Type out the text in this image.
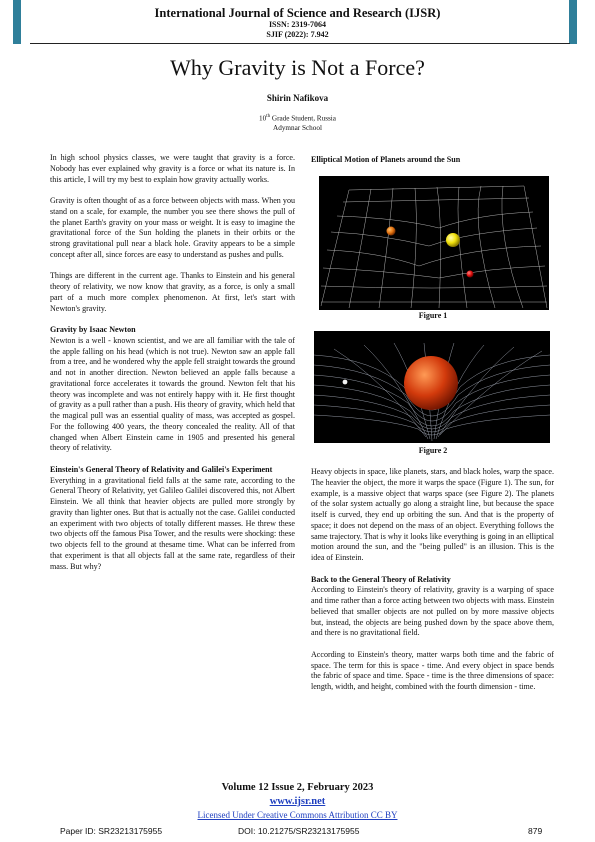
International Journal of Science and Research (IJSR)
ISSN: 2319-7064
SJIF (2022): 7.942
Why Gravity is Not a Force?
Shirin Nafikova
10th Grade Student, Russia
Adymnar School

In high school physics classes, we were taught that gravity is a force. Nobody has ever explained why gravity is a force or what its nature is. In this article, I will try my best to explain how gravity actually works.

Gravity is often thought of as a force between objects with mass. When you stand on a scale, for example, the number you see there shows the pull of the planet Earth's gravity on your mass or weight. It is easy to imagine the gravitational force of the Sun holding the planets in their orbits or the strong gravitational pull near a black hole. Gravity appears to be a simple concept after all, since forces are easy to understand as pushes and pulls.

Things are different in the current age. Thanks to Einstein and his general theory of relativity, we now know that gravity, as a force, is only a small part of a much more complex phenomenon. At first, let's start with Newton's gravity.

Gravity by Isaac Newton

Newton is a well - known scientist, and we are all familiar with the tale of the apple falling on his head (which is not true). Newton saw an apple fall from a tree, and he wondered why the apple fell straight towards the ground and not in another direction. Newton believed an apple falls because a gravitational force accelerates it towards the ground. Newton felt that his theory was incomplete and was not entirely happy with it. He first thought of gravity as a pull rather than a push. His theory of gravity, which held that the magical pull was an essential quality of mass, was accepted as gospel. For the following 400 years, the theory concealed the reality. All of that changed when Albert Einstein came in 1905 and presented his general theory of relativity.

Einstein's General Theory of Relativity and Galilei's Experiment

Everything in a gravitational field falls at the same rate, according to the General Theory of Relativity, yet Galileo Galilei discovered this, not Albert Einstein. We all think that heavier objects are pulled more strongly by gravity than lighter ones. But that is actually not the case. Galilei conducted an experiment with two objects of totally different masses. He threw these two objects off the famous Pisa Tower, and the results were shocking: these two objects fell to the ground at thesame time. What can be inferred from that experiment is that all objects fall at the same rate, regardless of their mass. But why?

Elliptical Motion of Planets around the Sun
Figure 1
Figure 2

Heavy objects in space, like planets, stars, and black holes, warp the space. The heavier the object, the more it warps the space (Figure 1). The sun, for example, is a massive object that warps space (see Figure 2). The planets of the solar system actually go along a straight line, but because the space itself is curved, they end up orbiting the sun. And that is the property of space; it does not depend on the mass of an object. Everything follows the same trajectory. That is why it looks like everything is going in an elliptical motion around the sun, and the "being pulled" is an illusion. This is the idea of Einstein.

Back to the General Theory of Relativity

According to Einstein's theory of relativity, gravity is a warping of space and time rather than a force acting between two objects with mass. Einstein believed that smaller objects are not pulled on by more massive objects but, instead, the objects are being pushed down by the space above them, and there is no gravitational field.

According to Einstein's theory, matter warps both time and the fabric of space. The term for this is space - time. And every object in space bends the fabric of space and time. Space - time is the three dimensions of space: length, width, and height, combined with the fourth dimension - time.

Volume 12 Issue 2, February 2023
www.ijsr.net
Licensed Under Creative Commons Attribution CC BY
Paper ID: SR23213175955	DOI: 10.21275/SR23213175955	879
